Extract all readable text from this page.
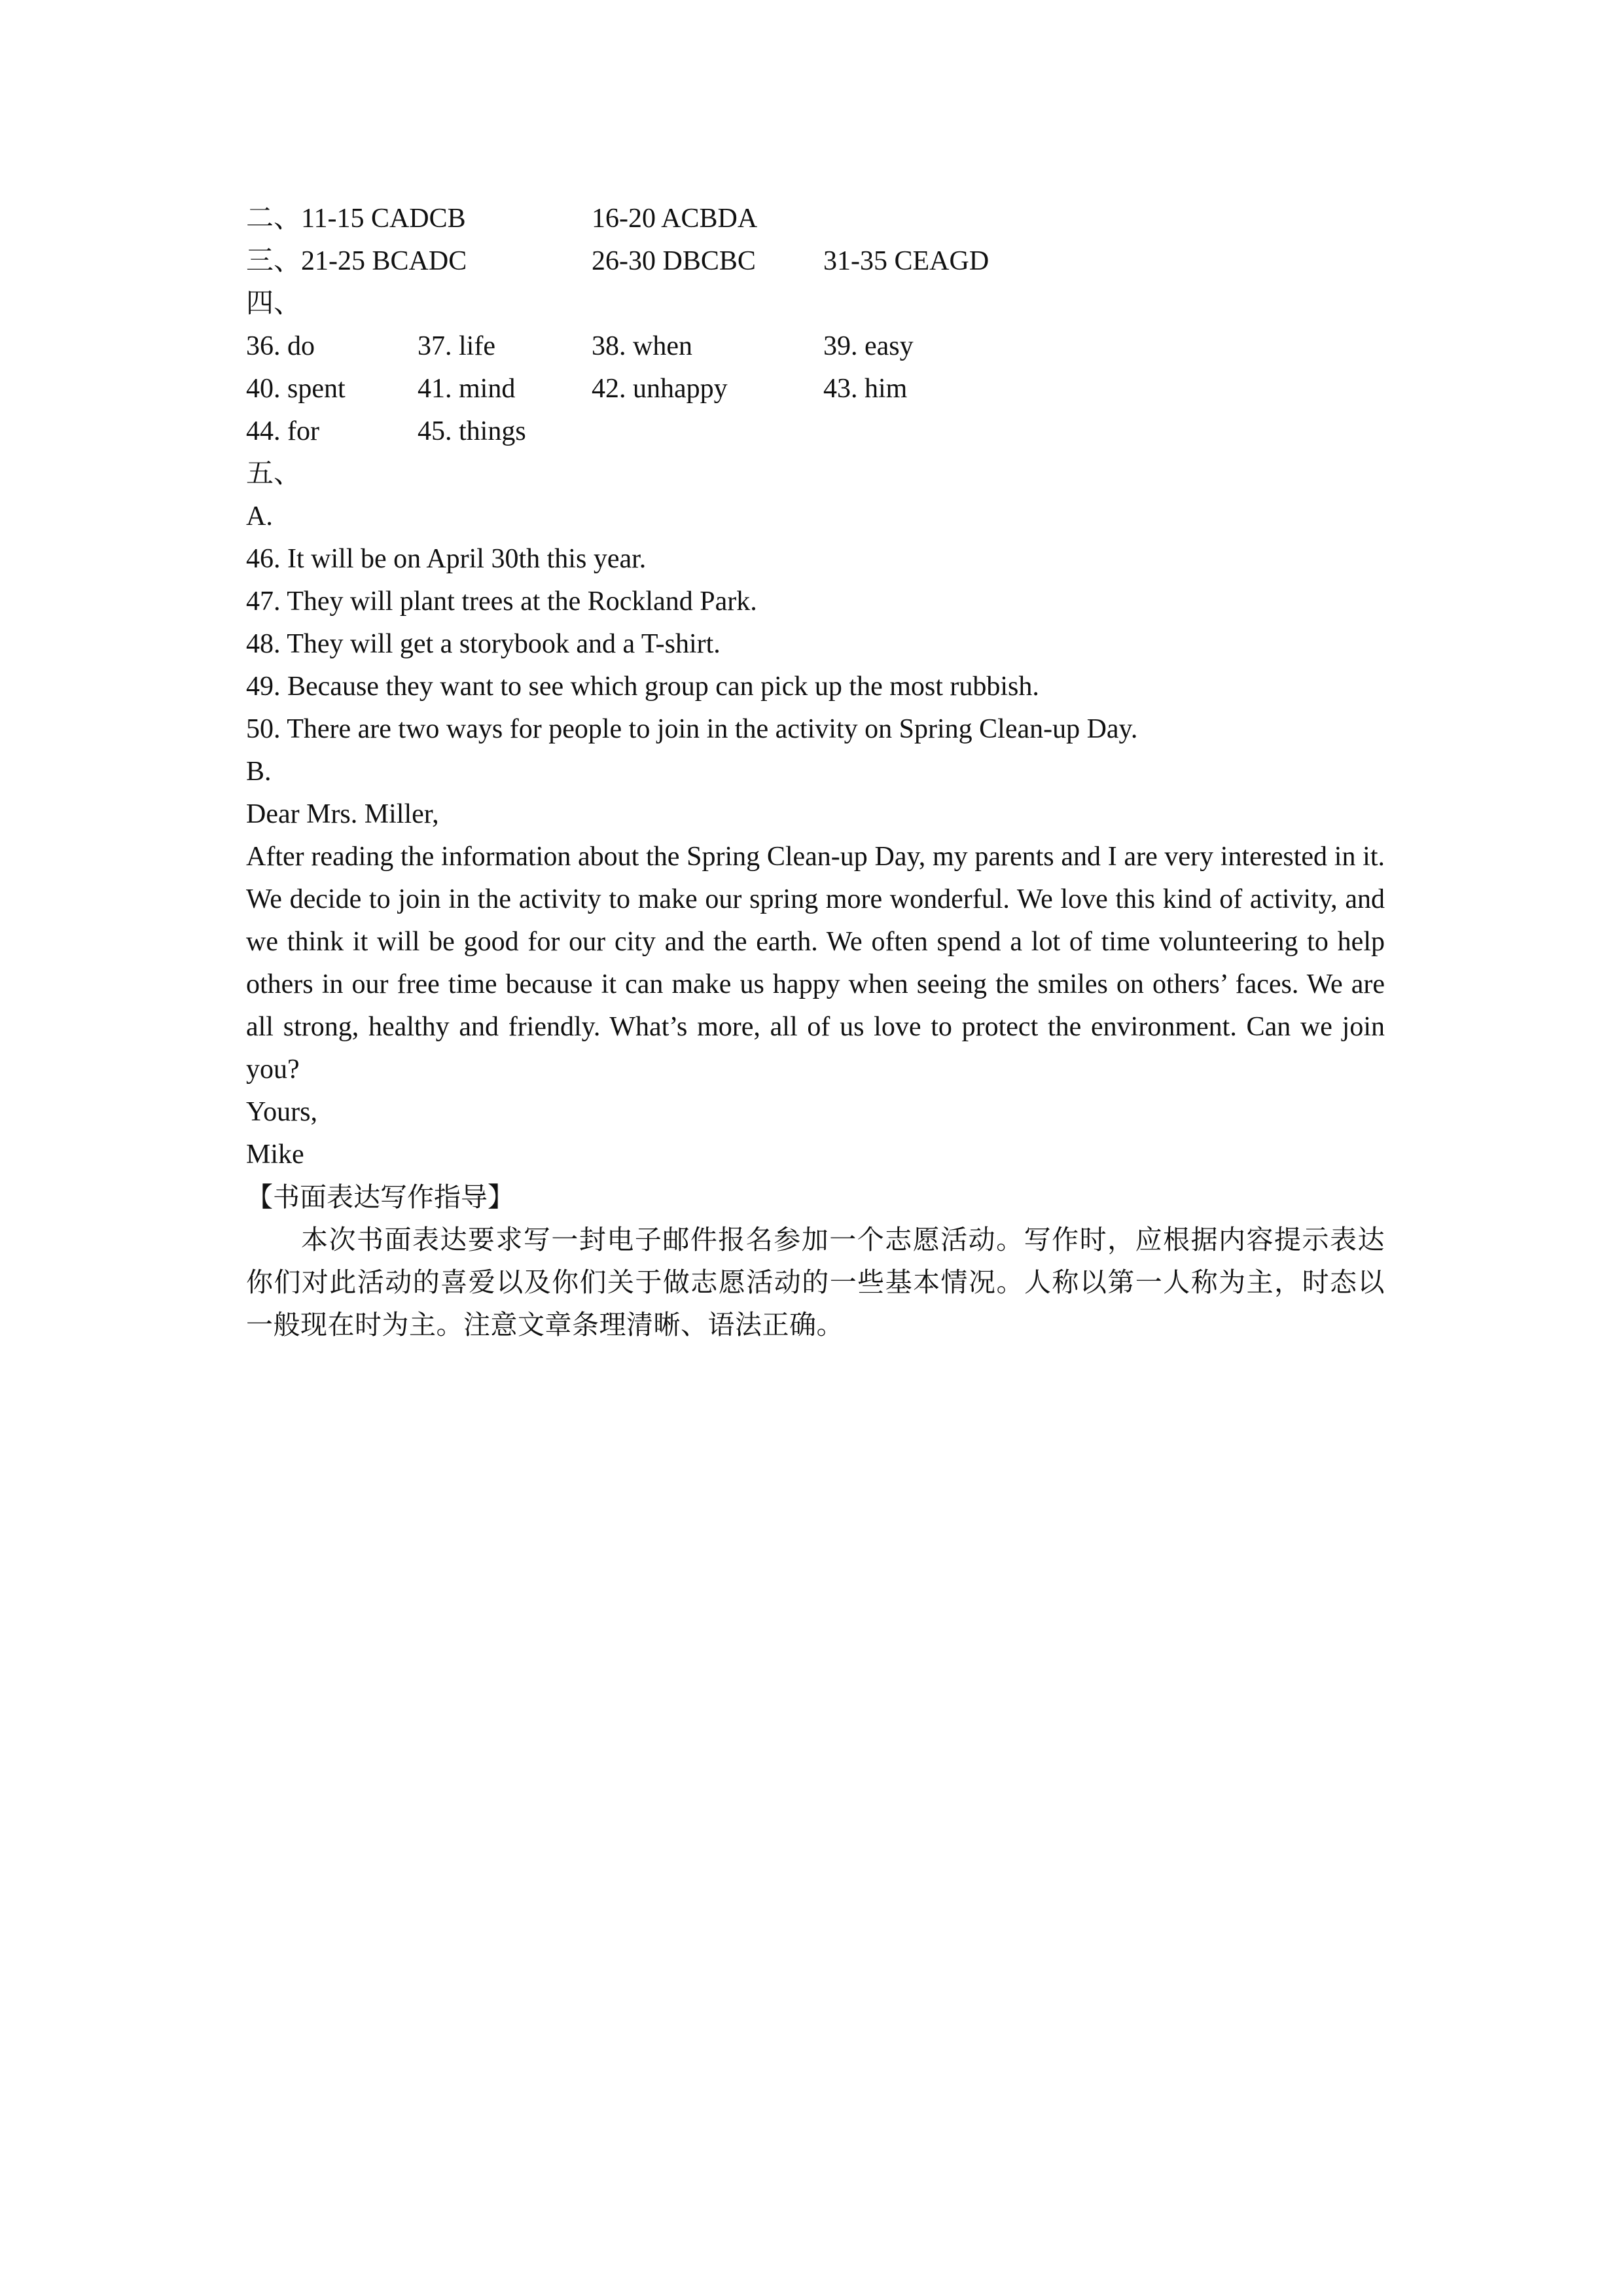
二、11-15 CADCB	16-20 ACBDA
三、21-25 BCADC	26-30 DBCBC	31-35 CEAGD
四、
36. do	37. life	38. when	39. easy
40. spent	41. mind	42. unhappy	43. him
44. for	45. things
五、
A.
46. It will be on April 30th this year.
47. They will plant trees at the Rockland Park.
48. They will get a storybook and a T-shirt.
49. Because they want to see which group can pick up the most rubbish.
50. There are two ways for people to join in the activity on Spring Clean-up Day.
B.
Dear Mrs. Miller,

After reading the information about the Spring Clean-up Day, my parents and I are very interested in it. We decide to join in the activity to make our spring more wonderful. We love this kind of activity, and we think it will be good for our city and the earth. We often spend a lot of time volunteering to help others in our free time because it can make us happy when seeing the smiles on others’ faces. We are all strong, healthy and friendly. What’s more, all of us love to protect the environment. Can we join you?

Yours,
Mike
【书面表达写作指导】

本次书面表达要求写一封电子邮件报名参加一个志愿活动。写作时，应根据内容提示表达你们对此活动的喜爱以及你们关于做志愿活动的一些基本情况。人称以第一人称为主，时态以一般现在时为主。注意文章条理清晰、语法正确。
